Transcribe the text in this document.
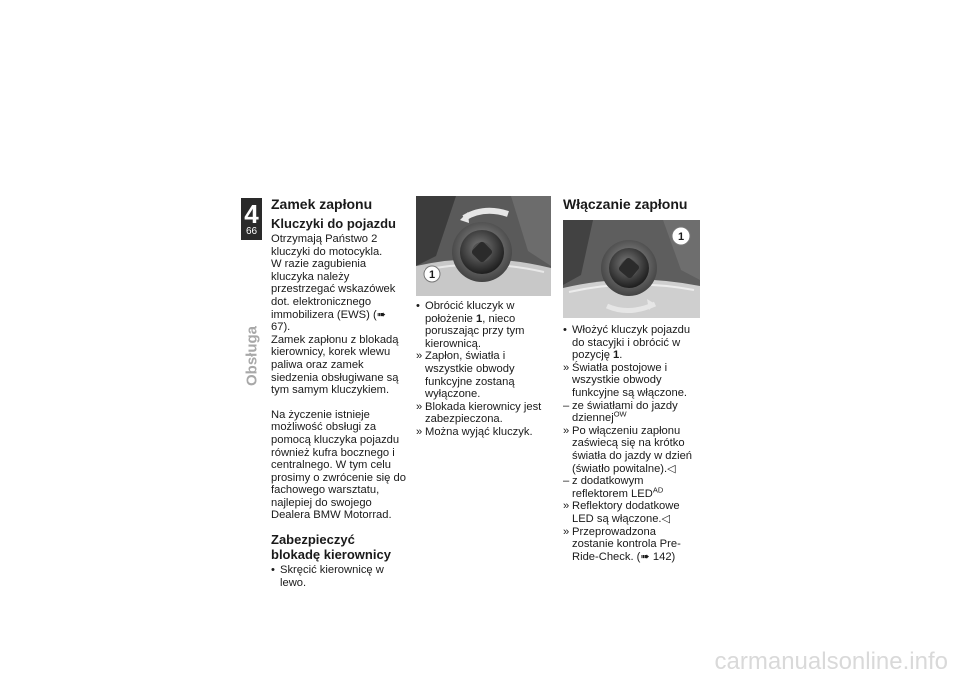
4
66
Obsługa
Zamek zapłonu
Kluczyki do pojazdu

Otrzymają Państwo 2 kluczyki do motocykla.

W razie zagubienia kluczyka należy przestrzegać wskazówek dot. elektronicznego immobilizera (EWS) (➠ 67).

Zamek zapłonu z blokadą kierownicy, korek wlewu paliwa oraz zamek siedzenia obsługiwane są tym samym kluczykiem.

Na życzenie istnieje możliwość obsługi za pomocą kluczyka pojazdu również kufra bocznego i centralnego. W tym celu prosimy o zwrócenie się do fachowego warsztatu, najlepiej do swojego Dealera BMW Motorrad.

Zabezpieczyć blokadę kierownicy
• Skręcić kierownicę w lewo.
1
• Obrócić kluczyk w położenie 1, nieco poruszając przy tym kierownicą.
» Zapłon, światła i wszystkie obwody funkcyjne zostaną wyłączone.
» Blokada kierownicy jest zabezpieczona.
» Można wyjąć kluczyk.
Włączanie zapłonu
1
• Włożyć kluczyk pojazdu do stacyjki i obrócić w pozycję 1.
» Światła postojowe i wszystkie obwody funkcyjne są włączone.
– ze światłami do jazdy dziennej$^{OW}$
» Po włączeniu zapłonu zaświecą się na krótko światła do jazdy w dzień (światło powitalne).◁
– z dodatkowym reflektorem $LED^{AD}$
» Reflektory dodatkowe LED są włączone.◁
» Przeprowadzona zostanie kontrola Pre-Ride-Check. (➠ 142)
carmanualsonline.info
